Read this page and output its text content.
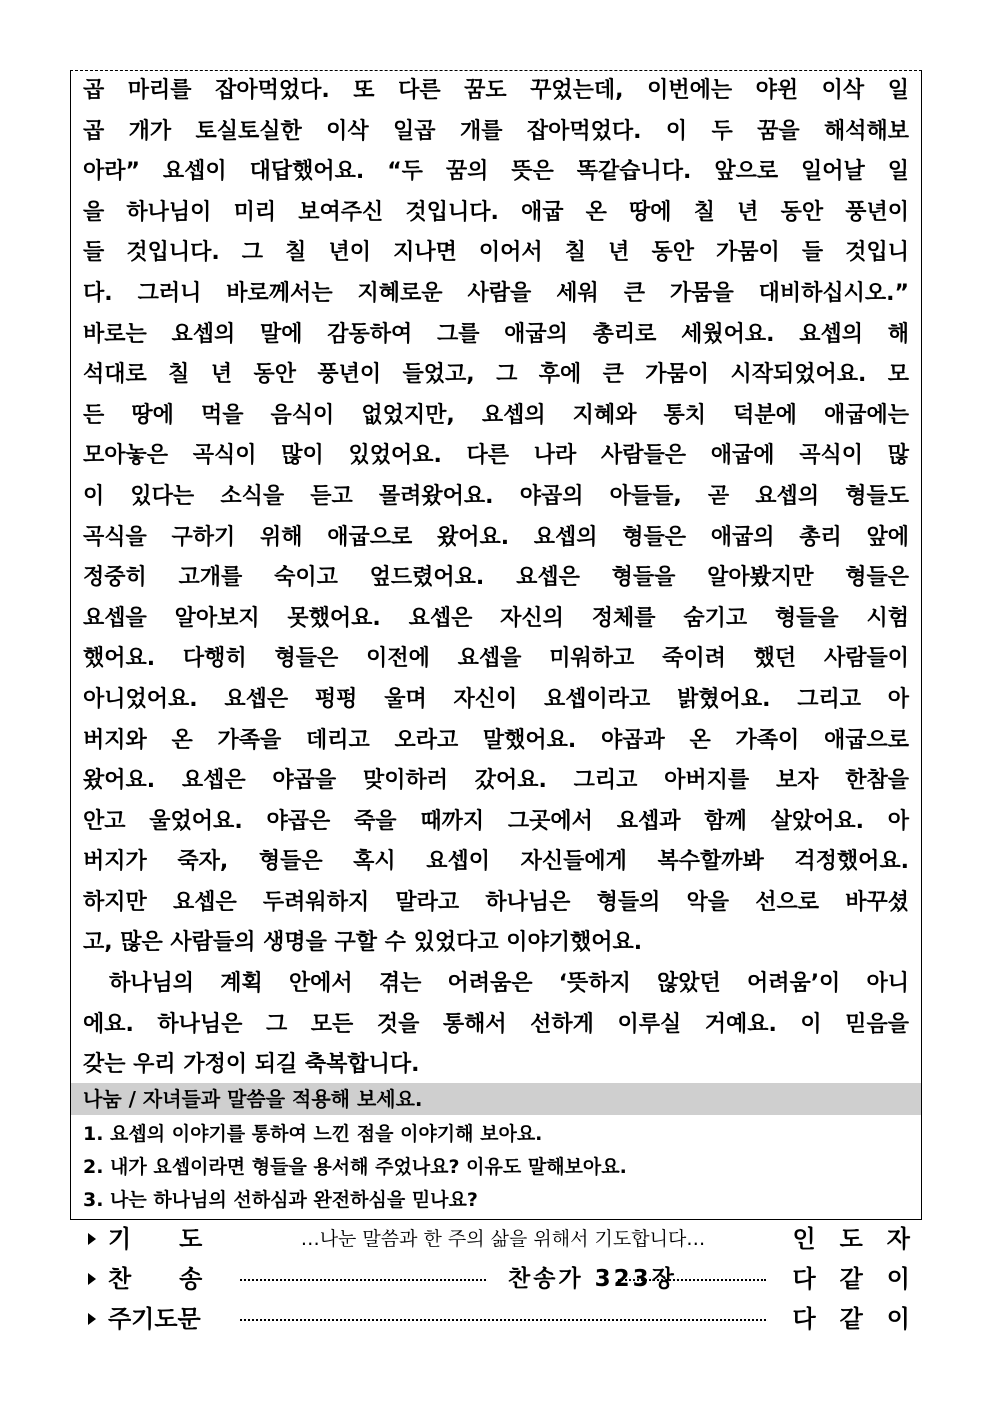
곱 마리를 잡아먹었다. 또 다른 꿈도 꾸었는데, 이번에는 야윈 이삭 일
곱 개가 토실토실한 이삭 일곱 개를 잡아먹었다. 이 두 꿈을 해석해보
아라” 요셉이 대답했어요. “두 꿈의 뜻은 똑같습니다. 앞으로 일어날 일
을 하나님이 미리 보여주신 것입니다. 애굽 온 땅에 칠 년 동안 풍년이
들 것입니다. 그 칠 년이 지나면 이어서 칠 년 동안 가뭄이 들 것입니
다. 그러니 바로께서는 지혜로운 사람을 세워 큰 가뭄을 대비하십시오.”
바로는 요셉의 말에 감동하여 그를 애굽의 총리로 세웠어요. 요셉의 해
석대로 칠 년 동안 풍년이 들었고, 그 후에 큰 가뭄이 시작되었어요. 모
든 땅에 먹을 음식이 없었지만, 요셉의 지혜와 통치 덕분에 애굽에는
모아놓은 곡식이 많이 있었어요. 다른 나라 사람들은 애굽에 곡식이 많
이 있다는 소식을 듣고 몰려왔어요. 야곱의 아들들, 곧 요셉의 형들도
곡식을 구하기 위해 애굽으로 왔어요. 요셉의 형들은 애굽의 총리 앞에
정중히 고개를 숙이고 엎드렸어요. 요셉은 형들을 알아봤지만 형들은
요셉을 알아보지 못했어요. 요셉은 자신의 정체를 숨기고 형들을 시험
했어요. 다행히 형들은 이전에 요셉을 미워하고 죽이려 했던 사람들이
아니었어요. 요셉은 펑펑 울며 자신이 요셉이라고 밝혔어요. 그리고 아
버지와 온 가족을 데리고 오라고 말했어요. 야곱과 온 가족이 애굽으로
왔어요. 요셉은 야곱을 맞이하러 갔어요. 그리고 아버지를 보자 한참을
안고 울었어요. 야곱은 죽을 때까지 그곳에서 요셉과 함께 살았어요. 아
버지가 죽자, 형들은 혹시 요셉이 자신들에게 복수할까봐 걱정했어요.
하지만 요셉은 두려워하지 말라고 하나님은 형들의 악을 선으로 바꾸셨
고, 많은 사람들의 생명을 구할 수 있었다고 이야기했어요.
하나님의 계획 안에서 겪는 어려움은 ‘뜻하지 않았던 어려움’이 아니
에요. 하나님은 그 모든 것을 통해서 선하게 이루실 거예요. 이 믿음을
갖는 우리 가정이 되길 축복합니다.
나눔 / 자녀들과 말씀을 적용해 보세요.
1. 요셉의 이야기를 통하여 느낀 점을 이야기해 보아요.
2. 내가 요셉이라면 형들을 용서해 주었나요? 이유도 말해보아요.
3. 나는 하나님의 선하심과 완전하심을 믿나요?
기도	…나눈 말씀과 한 주의 삶을 위해서 기도합니다…	인도자
찬송	찬송가 323장	다같이
주기도문	다같이
